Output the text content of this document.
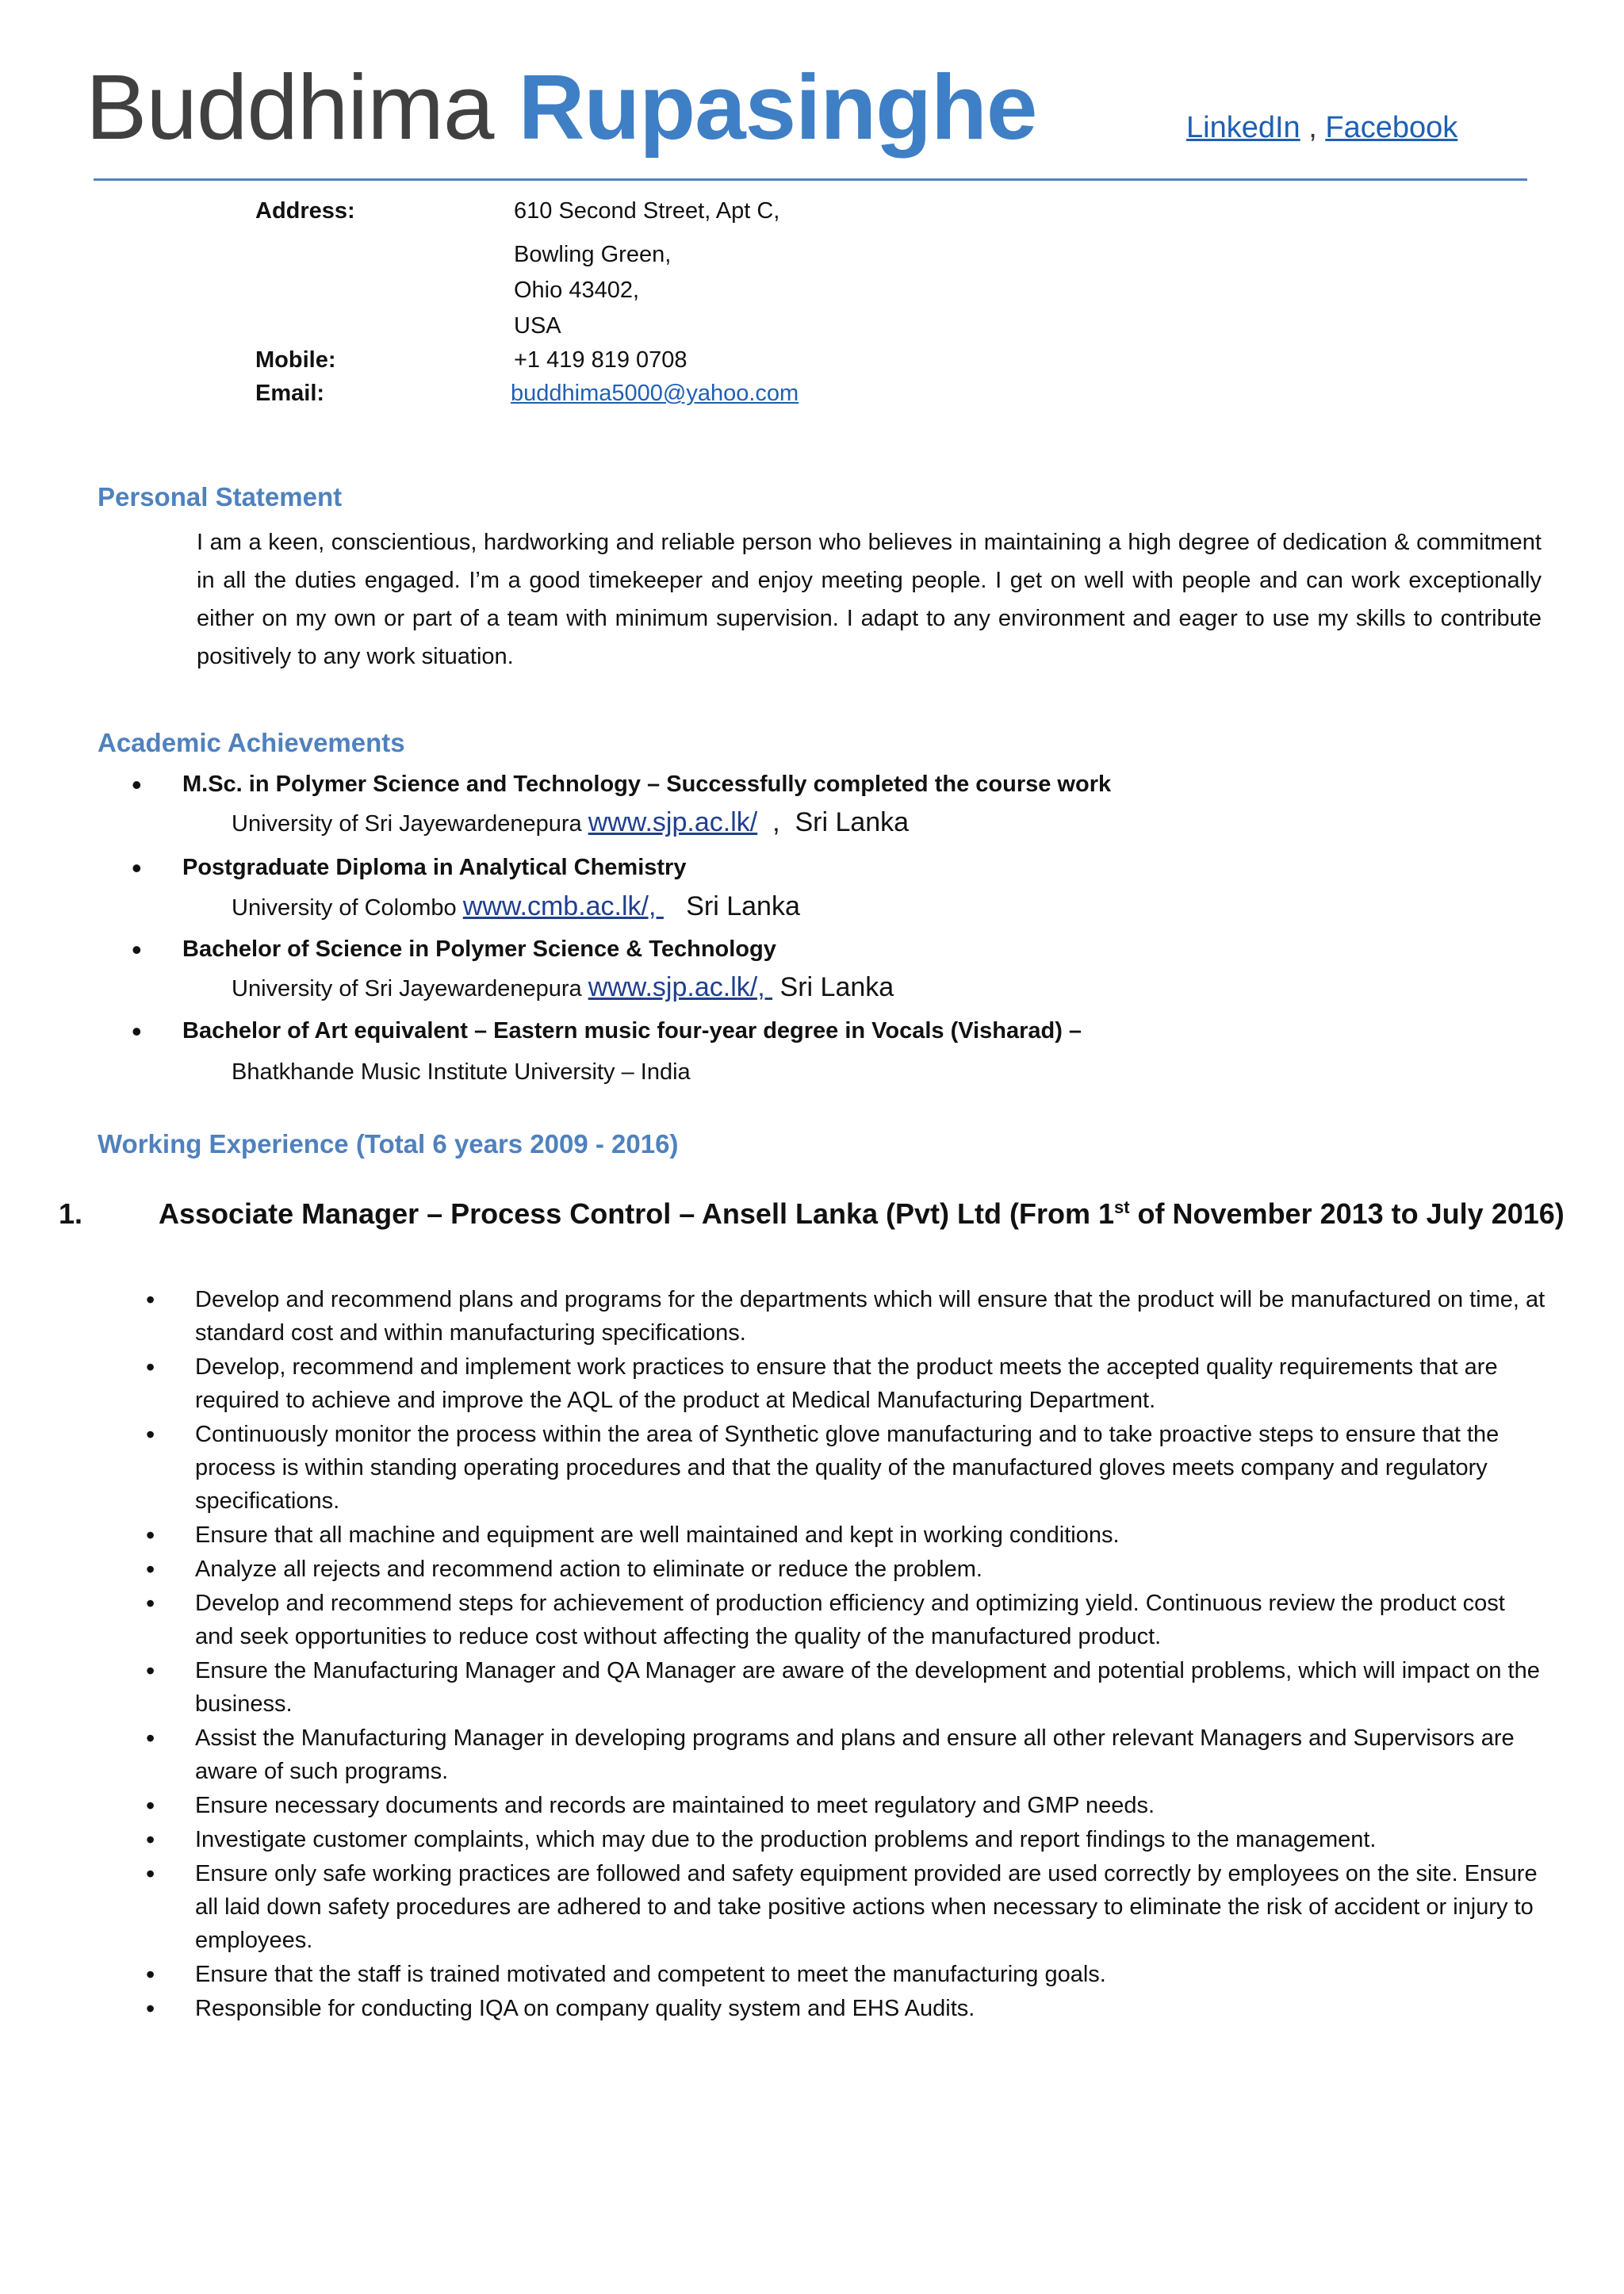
Buddhima Rupasinghe	LinkedIn , Facebook
Address:	610 Second Street, Apt C,
Bowling Green,
Ohio 43402,
USA
Mobile:	+1 419 819 0708
Email:	buddhima5000@yahoo.com
Personal Statement
I am a keen, conscientious, hardworking and reliable person who believes in maintaining a high degree of dedication & commitment in all the duties engaged. I’m a good timekeeper and enjoy meeting people. I get on well with people and can work exceptionally either on my own or part of a team with minimum supervision. I adapt to any environment and eager to use my skills to contribute positively to any work situation.
Academic Achievements
• M.Sc. in Polymer Science and Technology – Successfully completed the course work
University of Sri Jayewardenepura www.sjp.ac.lk/  ,  Sri Lanka
• Postgraduate Diploma in Analytical Chemistry
University of Colombo www.cmb.ac.lk/,    Sri Lanka
• Bachelor of Science in Polymer Science & Technology
University of Sri Jayewardenepura www.sjp.ac.lk/,  Sri Lanka
• Bachelor of Art equivalent – Eastern music four-year degree in Vocals (Visharad) –
Bhatkhande Music Institute University – India
Working Experience (Total 6 years 2009 - 2016)
1.	Associate Manager – Process Control – Ansell Lanka (Pvt) Ltd (From 1st of November 2013 to July 2016)
• Develop and recommend plans and programs for the departments which will ensure that the product will be manufactured on time, at standard cost and within manufacturing specifications.
• Develop, recommend and implement work practices to ensure that the product meets the accepted quality requirements that are required to achieve and improve the AQL of the product at Medical Manufacturing Department.
• Continuously monitor the process within the area of Synthetic glove manufacturing and to take proactive steps to ensure that the process is within standing operating procedures and that the quality of the manufactured gloves meets company and regulatory specifications.
• Ensure that all machine and equipment are well maintained and kept in working conditions.
• Analyze all rejects and recommend action to eliminate or reduce the problem.
• Develop and recommend steps for achievement of production efficiency and optimizing yield. Continuous review the product cost and seek opportunities to reduce cost without affecting the quality of the manufactured product.
• Ensure the Manufacturing Manager and QA Manager are aware of the development and potential problems, which will impact on the business.
• Assist the Manufacturing Manager in developing programs and plans and ensure all other relevant Managers and Supervisors are aware of such programs.
• Ensure necessary documents and records are maintained to meet regulatory and GMP needs.
• Investigate customer complaints, which may due to the production problems and report findings to the management.
• Ensure only safe working practices are followed and safety equipment provided are used correctly by employees on the site. Ensure all laid down safety procedures are adhered to and take positive actions when necessary to eliminate the risk of accident or injury to employees.
• Ensure that the staff is trained motivated and competent to meet the manufacturing goals.
• Responsible for conducting IQA on company quality system and EHS Audits.
